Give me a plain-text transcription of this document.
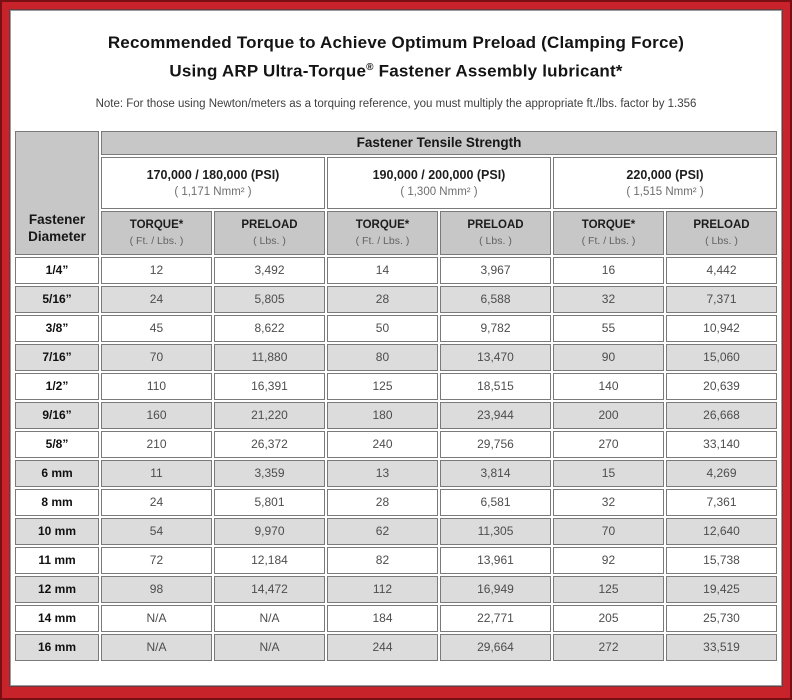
Recommended Torque to Achieve Optimum Preload (Clamping Force)
Using ARP Ultra-Torque® Fastener Assembly lubricant*

Note: For those using Newton/meters as a torquing reference, you must multiply the appropriate ft./lbs. factor by 1.356

Fastener Diameter	Fastener Tensile Strength					

170,000 / 180,000 (PSI)
( 1,171 Nmm² )

190,000 / 200,000 (PSI)
( 1,300 Nmm² )

220,000 (PSI)
( 1,515 Nmm² )

TORQUE*
( Ft. / Lbs. )

PRELOAD
( Lbs. )

TORQUE*
( Ft. / Lbs. )

PRELOAD
( Lbs. )

TORQUE*
( Ft. / Lbs. )

PRELOAD
( Lbs. )

1/4”	12	3,492	14	3,967	16	4,442
5/16”	24	5,805	28	6,588	32	7,371
3/8”	45	8,622	50	9,782	55	10,942
7/16”	70	11,880	80	13,470	90	15,060
1/2”	110	16,391	125	18,515	140	20,639
9/16”	160	21,220	180	23,944	200	26,668
5/8”	210	26,372	240	29,756	270	33,140
6 mm	11	3,359	13	3,814	15	4,269
8 mm	24	5,801	28	6,581	32	7,361
10 mm	54	9,970	62	11,305	70	12,640
11 mm	72	12,184	82	13,961	92	15,738
12 mm	98	14,472	112	16,949	125	19,425
14 mm	N/A	N/A	184	22,771	205	25,730
16 mm	N/A	N/A	244	29,664	272	33,519
